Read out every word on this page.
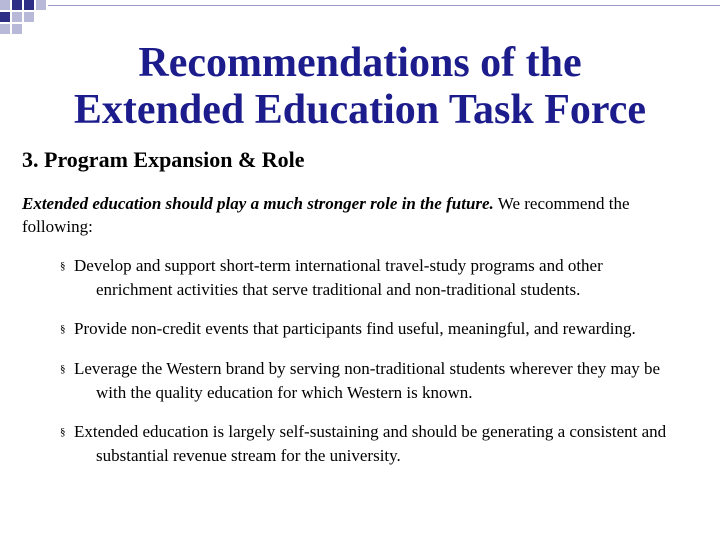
Recommendations of the
Extended Education Task Force
3. Program Expansion & Role

Extended education should play a much stronger role in the future. We recommend the following:

§ Develop and support short-term international travel-study programs and other enrichment activities that serve traditional and non-traditional students.
§ Provide non-credit events that participants find useful, meaningful, and rewarding.
§ Leverage the Western brand by serving non-traditional students wherever they may be with the quality education for which Western is known.
§ Extended education is largely self-sustaining and should be generating a consistent and substantial revenue stream for the university.
